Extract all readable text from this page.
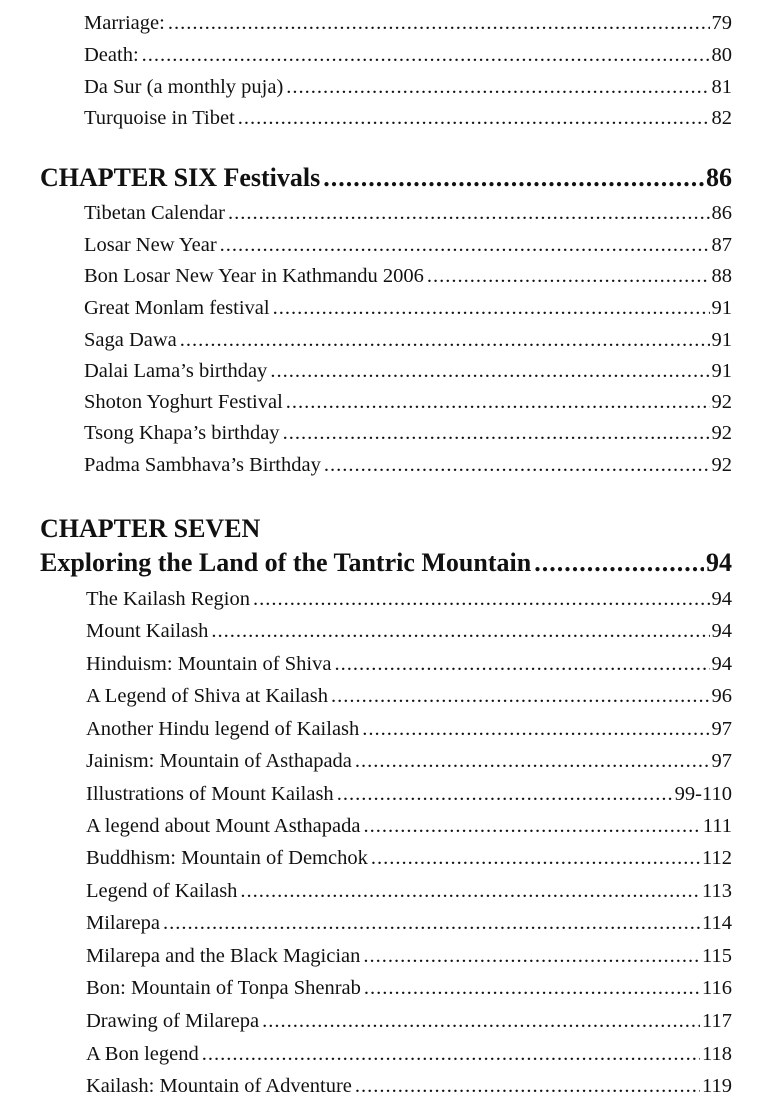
Marriage: .....	79
Death: .....	80
Da Sur (a monthly puja) .....	81
Turquoise in Tibet .....	82
CHAPTER SIX Festivals .....	86
Tibetan Calendar .....	86
Losar New Year .....	87
Bon Losar New Year in Kathmandu 2006 .....	88
Great Monlam festival .....	91
Saga Dawa .....	91
Dalai Lama’s birthday .....	91
Shoton Yoghurt Festival .....	92
Tsong Khapa’s birthday .....	92
Padma Sambhava’s Birthday .....	92
CHAPTER SEVEN
Exploring the Land of the Tantric Mountain .....	94
The Kailash Region .....	94
Mount Kailash .....	94
Hinduism: Mountain of Shiva .....	94
A Legend of Shiva at Kailash .....	96
Another Hindu legend of Kailash .....	97
Jainism: Mountain of Asthapada .....	97
Illustrations of Mount Kailash .....	99-110
A legend about Mount Asthapada .....	111
Buddhism: Mountain of Demchok .....	112
Legend of Kailash .....	113
Milarepa .....	114
Milarepa and the Black Magician .....	115
Bon: Mountain of Tonpa Shenrab .....	116
Drawing of Milarepa .....	117
A Bon legend .....	118
Kailash: Mountain of Adventure .....	119
